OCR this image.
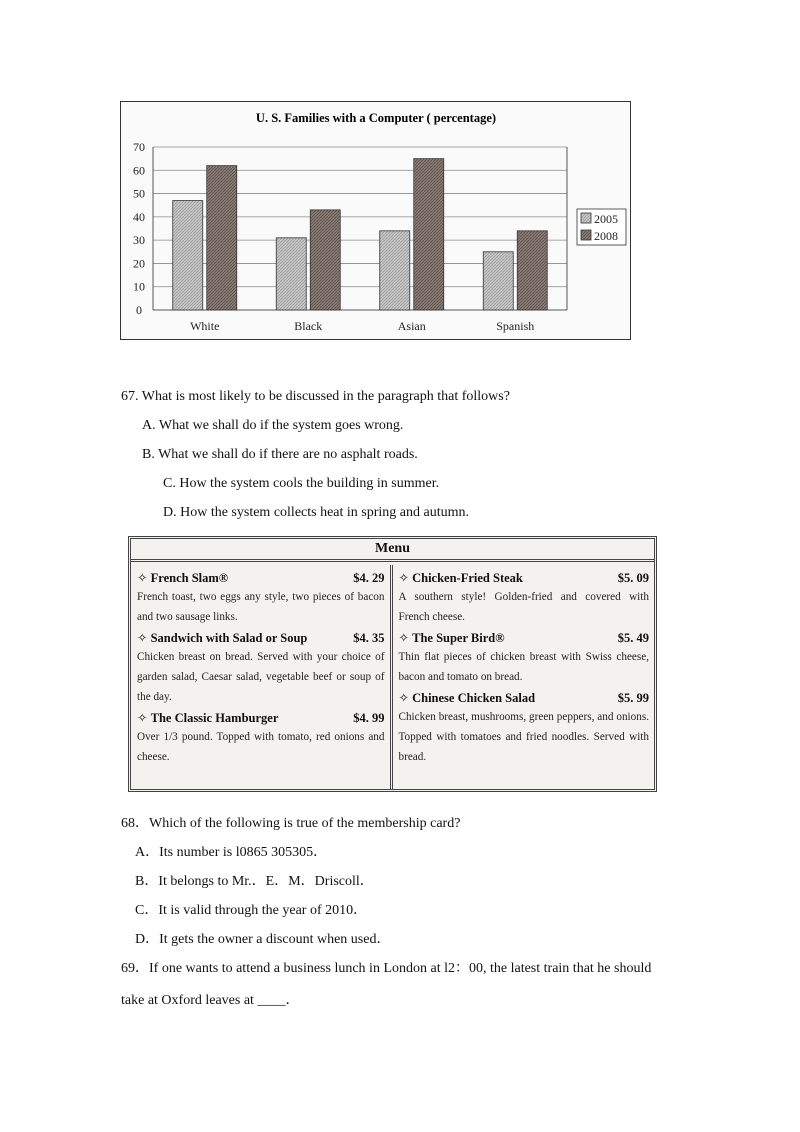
U. S. Families with a Computer ( percentage)
0
10
20
30
40
50
60
70
White	Black	Asian	Spanish
2005
2008
67. What is most likely to be discussed in the paragraph that follows?
A. What we shall do if the system goes wrong.
B. What we shall do if there are no asphalt roads.
C. How the system cools the building in summer.
D. How the system collects heat in spring and autumn.
Menu
✧ French Slam®	$4. 29
French toast, two eggs any style, two pieces of bacon and two sausage links.
✧ Sandwich with Salad or Soup	$4. 35
Chicken breast on bread. Served with your choice of garden salad, Caesar salad, vegetable beef or soup of the day.
✧ The Classic Hamburger	$4. 99
Over 1/3 pound. Topped with tomato, red onions and cheese.
✧ Chicken-Fried Steak	$5. 09
A southern style! Golden-fried and covered with French cheese.
✧ The Super Bird®	$5. 49
Thin flat pieces of chicken breast with Swiss cheese, bacon and tomato on bread.
✧ Chinese Chicken Salad	$5. 99
Chicken breast, mushrooms, green peppers, and onions. Topped with tomatoes and fried noodles. Served with bread.
68．Which of the following is true of the membership card?
A．Its number is l0865 305305．
B．It belongs to Mr.．E．M．Driscoll．
C．It is valid through the year of 2010．
D．It gets the owner a discount when used．
69．If one wants to attend a business lunch in London at l2：00, the latest train that he should
take at Oxford leaves at ____．
